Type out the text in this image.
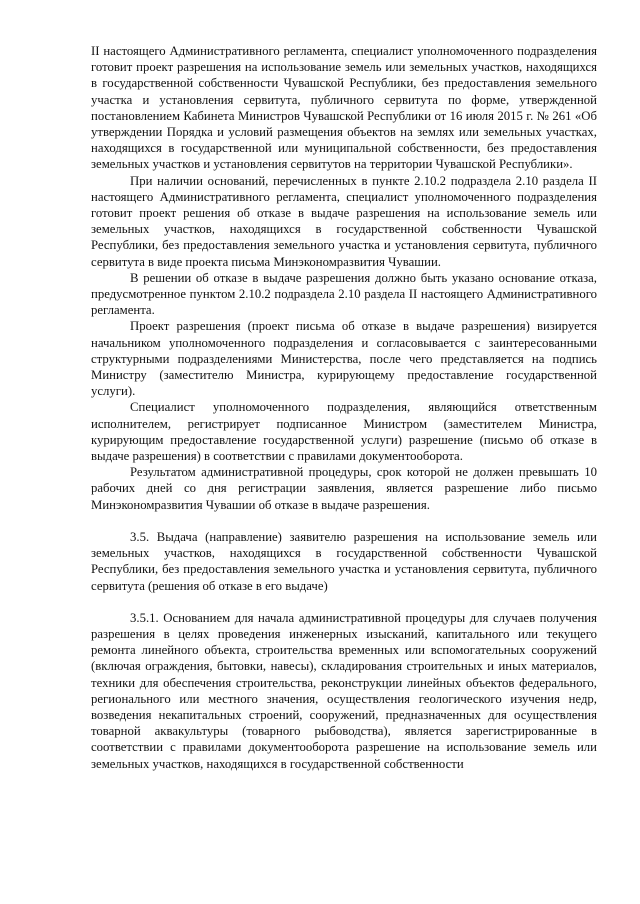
II настоящего Административного регламента, специалист уполномоченного подразделения готовит проект разрешения на использование земель или земельных участков, находящихся в государственной собственности Чувашской Республики, без предоставления земельного участка и установления сервитута, публичного сервитута по форме, утвержденной постановлением Кабинета Министров Чувашской Республики от 16 июля 2015 г. № 261 «Об утверждении Порядка и условий размещения объектов на землях или земельных участках, находящихся в государственной или муниципальной собственности, без предоставления земельных участков и установления сервитутов на территории Чувашской Республики».

При наличии оснований, перечисленных в пункте 2.10.2 подраздела 2.10 раздела II настоящего Административного регламента, специалист уполномоченного подразделения готовит проект решения об отказе в выдаче разрешения на использование земель или земельных участков, находящихся в государственной собственности Чувашской Республики, без предоставления земельного участка и установления сервитута, публичного сервитута в виде проекта письма Минэкономразвития Чувашии.

В решении об отказе в выдаче разрешения должно быть указано основание отказа, предусмотренное пунктом 2.10.2 подраздела 2.10 раздела II настоящего Административного регламента.

Проект разрешения (проект письма об отказе в выдаче разрешения) визируется начальником уполномоченного подразделения и согласовывается с заинтересованными структурными подразделениями Министерства, после чего представляется на подпись Министру (заместителю Министра, курирующему предоставление государственной услуги).

Специалист уполномоченного подразделения, являющийся ответственным исполнителем, регистрирует подписанное Министром (заместителем Министра, курирующим предоставление государственной услуги) разрешение (письмо об отказе в выдаче разрешения) в соответствии с правилами документооборота.

Результатом административной процедуры, срок которой не должен превышать 10 рабочих дней со дня регистрации заявления, является разрешение либо письмо Минэкономразвития Чувашии об отказе в выдаче разрешения.

3.5. Выдача (направление) заявителю разрешения на использование земель или земельных участков, находящихся в государственной собственности Чувашской Республики, без предоставления земельного участка и установления сервитута, публичного сервитута (решения об отказе в его выдаче)

3.5.1. Основанием для начала административной процедуры для случаев получения разрешения в целях проведения инженерных изысканий, капитального или текущего ремонта линейного объекта, строительства временных или вспомогательных сооружений (включая ограждения, бытовки, навесы), складирования строительных и иных материалов, техники для обеспечения строительства, реконструкции линейных объектов федерального, регионального или местного значения, осуществления геологического изучения недр, возведения некапитальных строений, сооружений, предназначенных для осуществления товарной аквакультуры (товарного рыбоводства), является зарегистрированные в соответствии с правилами документооборота разрешение на использование земель или земельных участков, находящихся в государственной собственности
